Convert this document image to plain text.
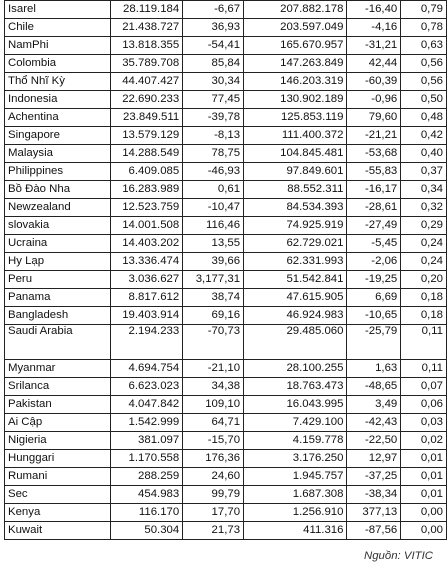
Isarel	28.119.184	-6,67	207.882.178	-16,40	0,79
Chile	21.438.727	36,93	203.597.049	-4,16	0,78
NamPhi	13.818.355	-54,41	165.670.957	-31,21	0,63
Colombia	35.789.708	85,84	147.263.849	42,44	0,56
Thổ Nhĩ Kỳ	44.407.427	30,34	146.203.319	-60,39	0,56
Indonesia	22.690.233	77,45	130.902.189	-0,96	0,50
Achentina	23.849.511	-39,78	125.853.119	79,60	0,48
Singapore	13.579.129	-8,13	111.400.372	-21,21	0,42
Malaysia	14.288.549	78,75	104.845.481	-53,68	0,40
Philippines	6.409.085	-46,93	97.849.601	-55,83	0,37
Bồ Đào Nha	16.283.989	0,61	88.552.311	-16,17	0,34
Newzealand	12.523.759	-10,47	84.534.393	-28,61	0,32
slovakia	14.001.508	116,46	74.925.919	-27,49	0,29
Ucraina	14.403.202	13,55	62.729.021	-5,45	0,24
Hy Lạp	13.336.474	39,66	62.331.993	-2,06	0,24
Peru	3.036.627	3,177,31	51.542.841	-19,25	0,20
Panama	8.817.612	38,74	47.615.905	6,69	0,18
Bangladesh	19.403.914	69,16	46.924.983	-10,65	0,18
Saudi Arabia	2.194.233	-70,73	29.485.060	-25,79	0,11
Myanmar	4.694.754	-21,10	28.100.255	1,63	0,11
Srilanca	6.623.023	34,38	18.763.473	-48,65	0,07
Pakistan	4.047.842	109,10	16.043.995	3,49	0,06
Ai Cập	1.542.999	64,71	7.429.100	-42,43	0,03
Nigieria	381.097	-15,70	4.159.778	-22,50	0,02
Hunggari	1.170.558	176,36	3.176.250	12,97	0,01
Rumani	288.259	24,60	1.945.757	-37,25	0,01
Sec	454.983	99,79	1.687.308	-38,34	0,01
Kenya	116.170	17,70	1.256.910	377,13	0,00
Kuwait	50.304	21,73	411.316	-87,56	0,00
Nguồn: VITIC
